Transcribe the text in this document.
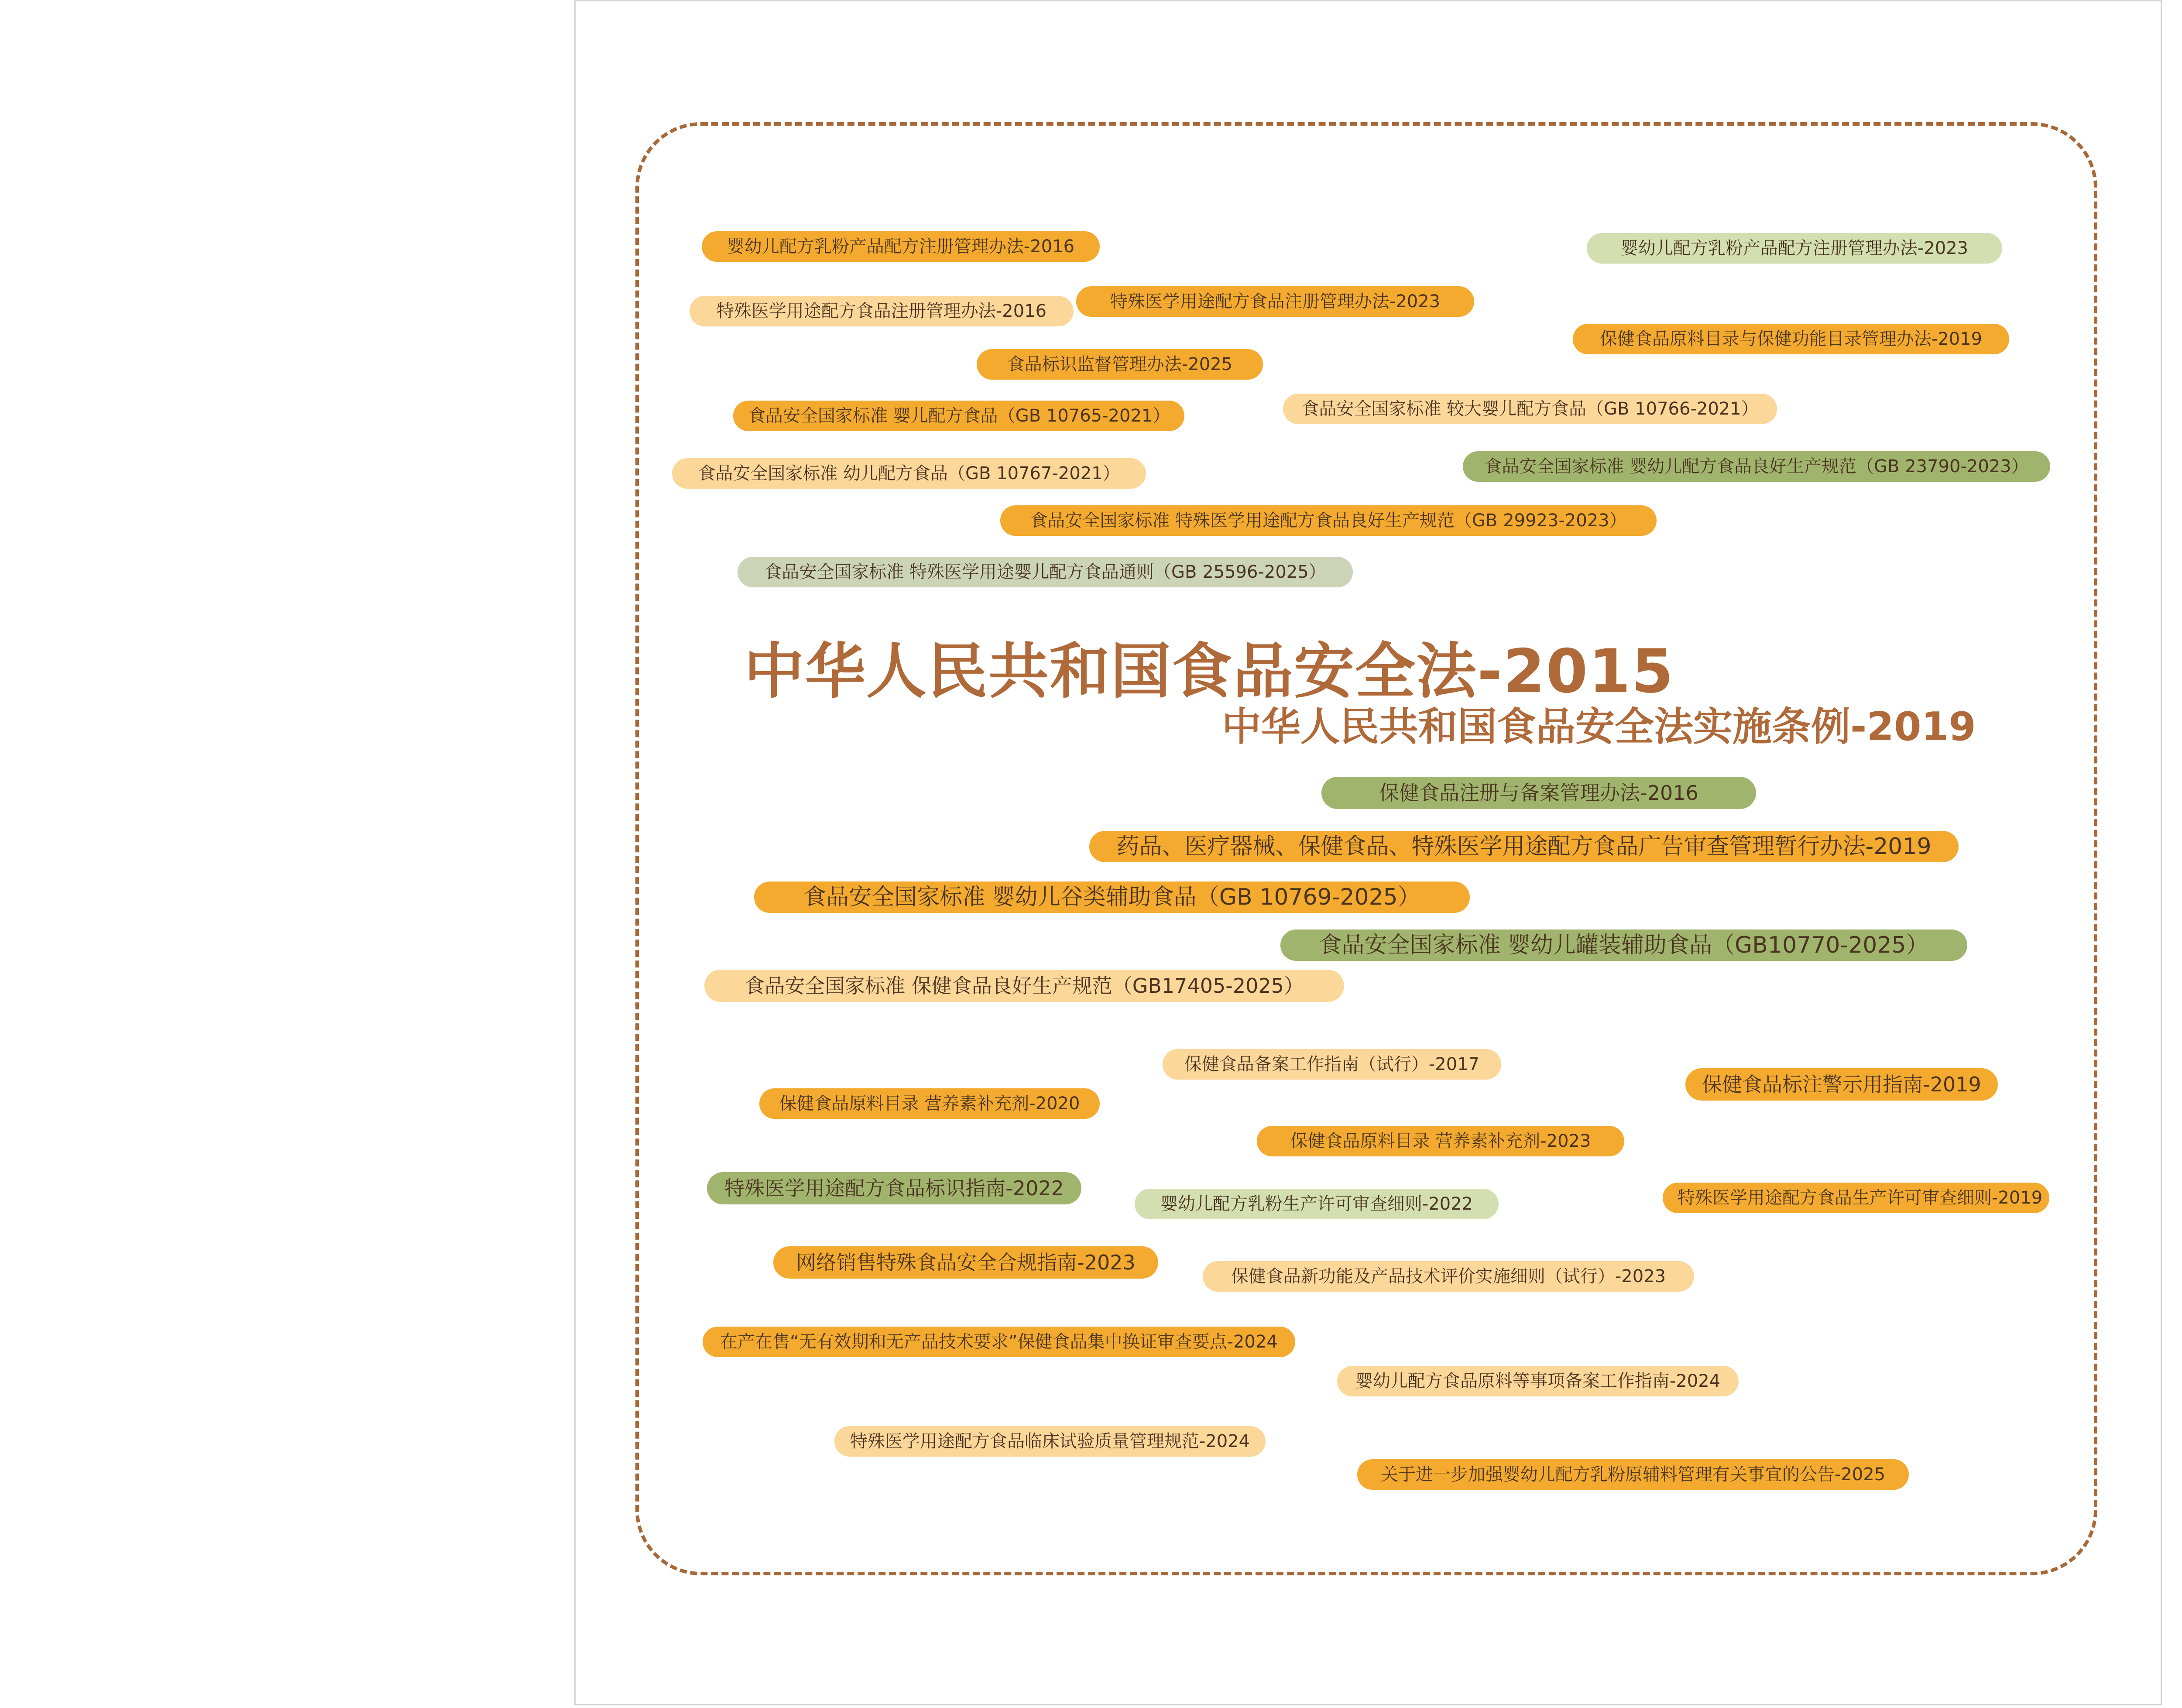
婴幼儿配方乳粉产品配方注册管理办法-2016	婴幼儿配方乳粉产品配方注册管理办法-2023
特殊医学用途配方食品注册管理办法-2016	特殊医学用途配方食品注册管理办法-2023
保健食品原料目录与保健功能目录管理办法-2019
食品标识监督管理办法-2025
食品安全国家标准 婴儿配方食品（GB 10765-2021）	食品安全国家标准 较大婴儿配方食品（GB 10766-2021）
食品安全国家标准 幼儿配方食品（GB 10767-2021）	食品安全国家标准 婴幼儿配方食品良好生产规范（GB 23790-2023）
食品安全国家标准 特殊医学用途配方食品良好生产规范（GB 29923-2023）
食品安全国家标准 特殊医学用途婴儿配方食品通则（GB 25596-2025）
中华人民共和国食品安全法-2015
中华人民共和国食品安全法实施条例-2019
保健食品注册与备案管理办法-2016
药品、医疗器械、保健食品、特殊医学用途配方食品广告审查管理暂行办法-2019
食品安全国家标准 婴幼儿谷类辅助食品（GB 10769-2025）
食品安全国家标准 婴幼儿罐装辅助食品（GB10770-2025）
食品安全国家标准 保健食品良好生产规范（GB17405-2025）
保健食品备案工作指南（试行）-2017
保健食品标注警示用指南-2019
保健食品原料目录 营养素补充剂-2020
保健食品原料目录 营养素补充剂-2023
特殊医学用途配方食品标识指南-2022
婴幼儿配方乳粉生产许可审查细则-2022	特殊医学用途配方食品生产许可审查细则-2019
网络销售特殊食品安全合规指南-2023
保健食品新功能及产品技术评价实施细则（试行）-2023
在产在售“无有效期和无产品技术要求”保健食品集中换证审查要点-2024
婴幼儿配方食品原料等事项备案工作指南-2024
特殊医学用途配方食品临床试验质量管理规范-2024
关于进一步加强婴幼儿配方乳粉原辅料管理有关事宜的公告-2025
